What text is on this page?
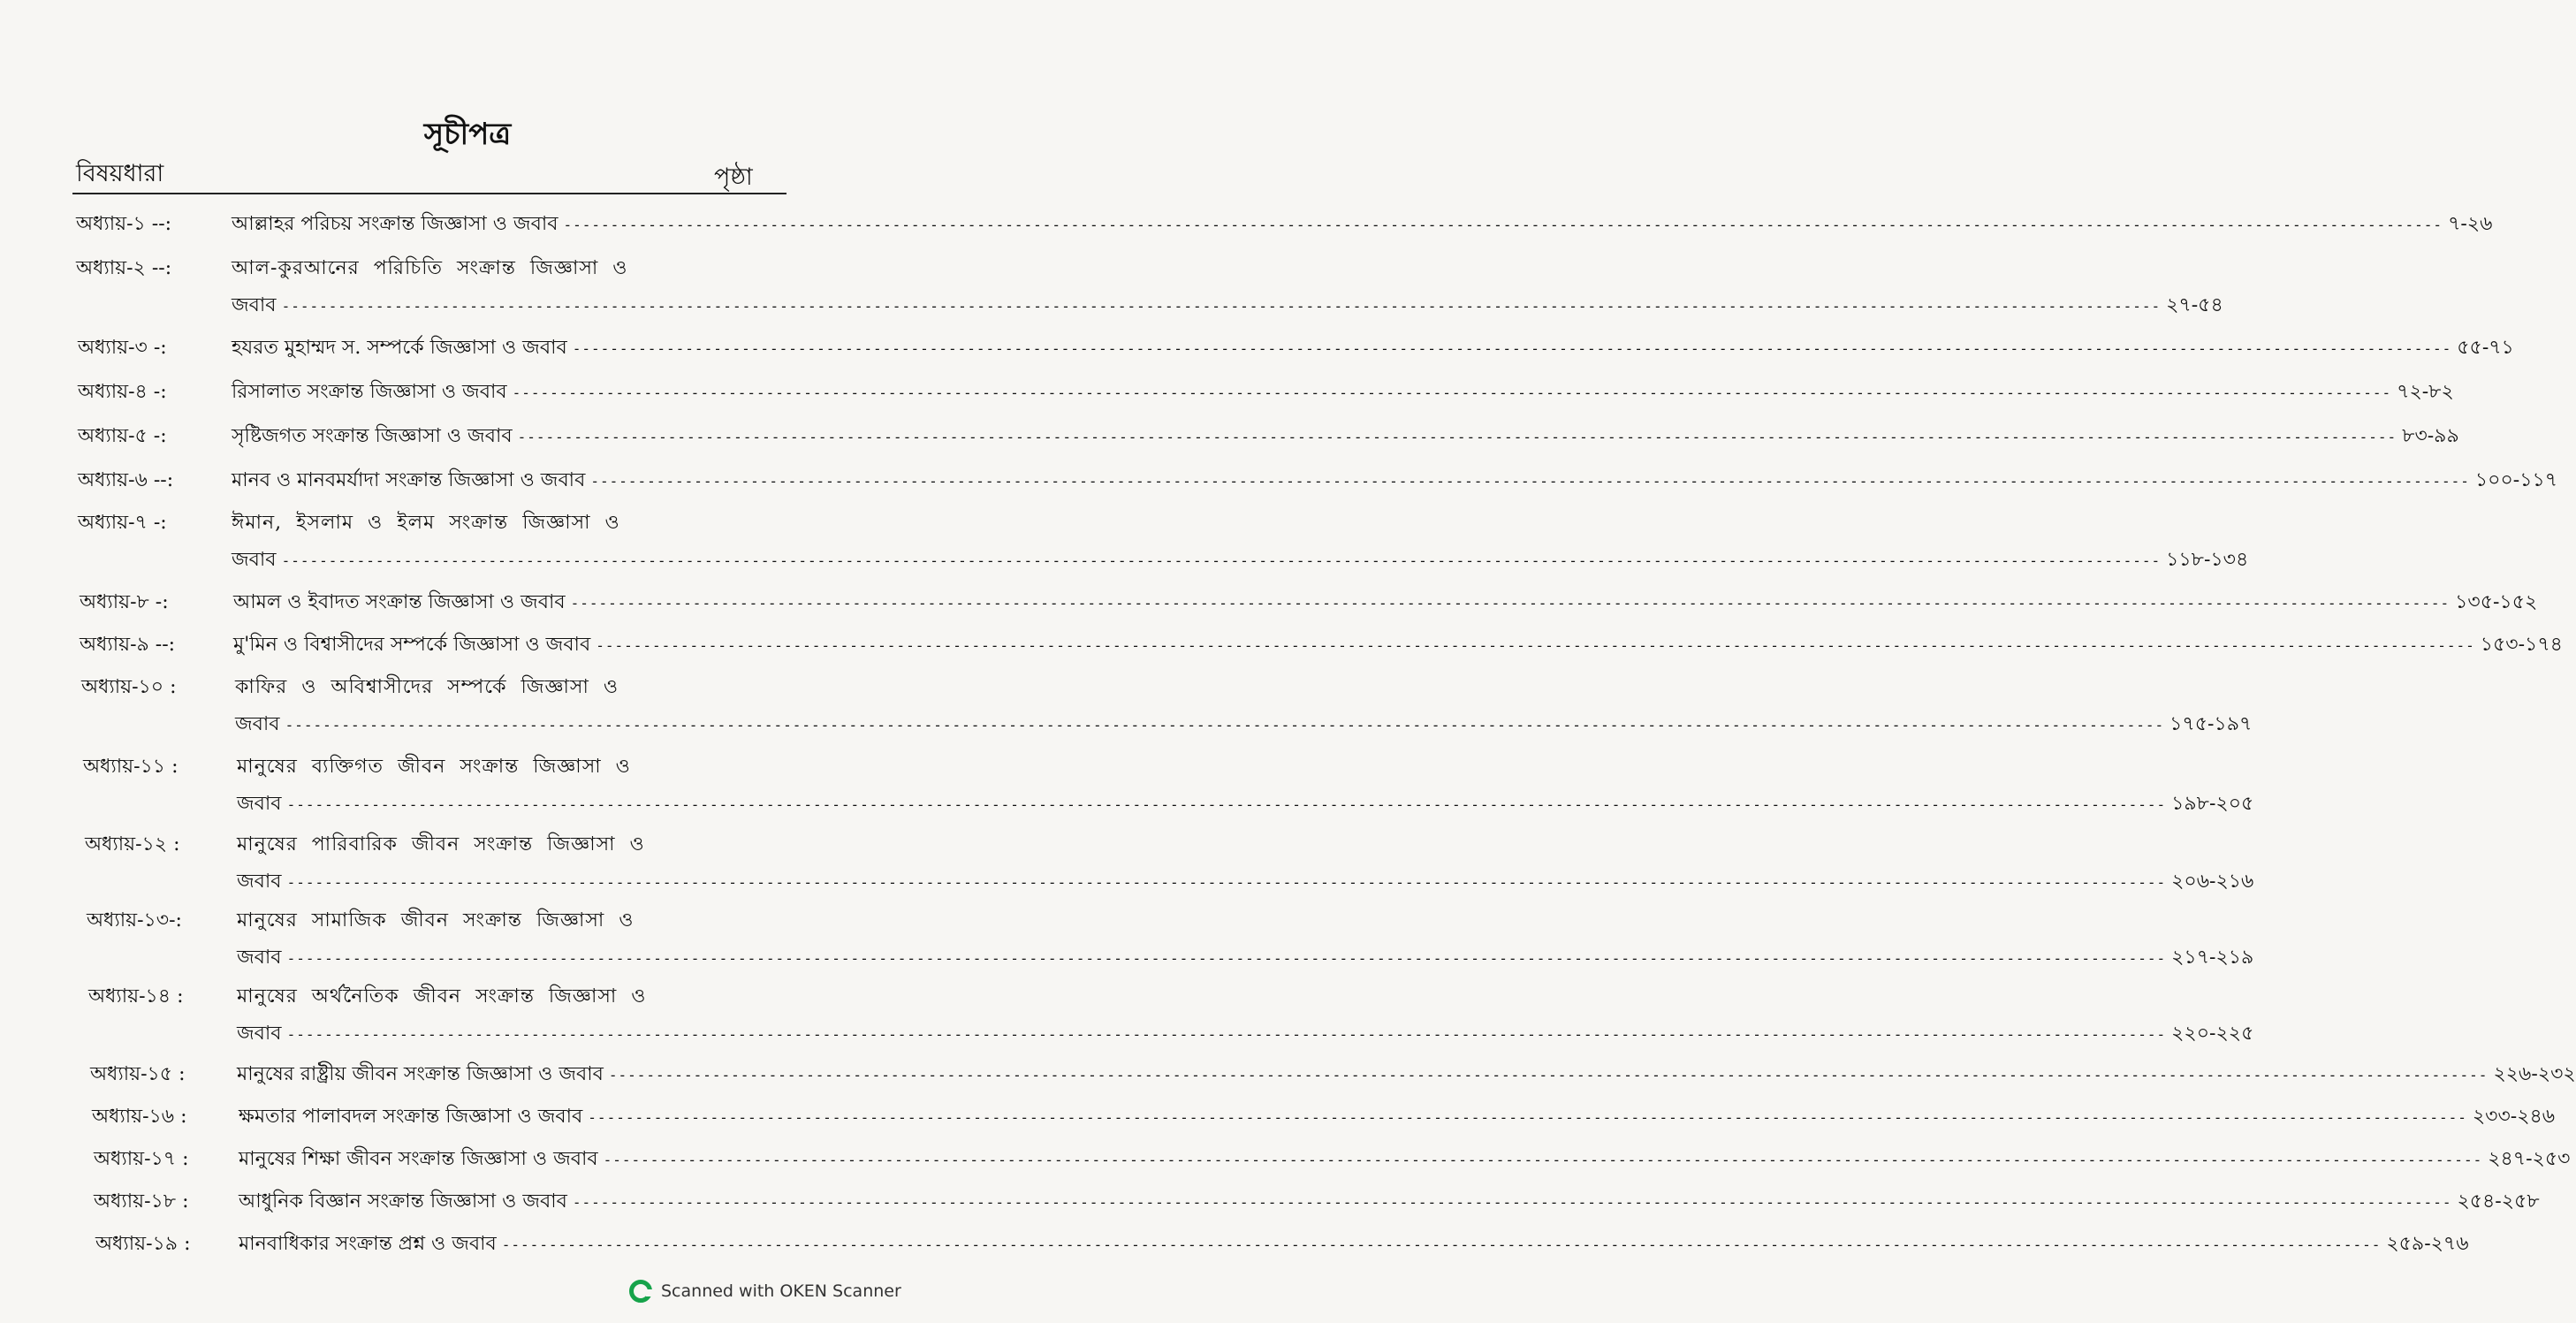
সূচীপত্র
বিষয়ধারা	পৃষ্ঠা
অধ্যায়-১ --:	আল্লাহর পরিচয় সংক্রান্ত জিজ্ঞাসা ও জবাব -------------------------------------------------------------------------------------------------------------------------------------------------------------------------------------------------------- ৭-২৬
অধ্যায়-২ --:	আল-কুরআনের পরিচিতি সংক্রান্ত জিজ্ঞাসা ও
জবাব -------------------------------------------------------------------------------------------------------------------------------------------------------------------------------------------------------- ২৭-৫৪
অধ্যায়-৩ -:	হযরত মুহাম্মদ স. সম্পর্কে জিজ্ঞাসা ও জবাব -------------------------------------------------------------------------------------------------------------------------------------------------------------------------------------------------------- ৫৫-৭১
অধ্যায়-৪ -:	রিসালাত সংক্রান্ত জিজ্ঞাসা ও জবাব -------------------------------------------------------------------------------------------------------------------------------------------------------------------------------------------------------- ৭২-৮২
অধ্যায়-৫ -:	সৃষ্টিজগত সংক্রান্ত জিজ্ঞাসা ও জবাব -------------------------------------------------------------------------------------------------------------------------------------------------------------------------------------------------------- ৮৩-৯৯
অধ্যায়-৬ --:	মানব ও মানবমর্যাদা সংক্রান্ত জিজ্ঞাসা ও জবাব -------------------------------------------------------------------------------------------------------------------------------------------------------------------------------------------------------- ১০০-১১৭
অধ্যায়-৭ -:	ঈমান, ইসলাম ও ইলম সংক্রান্ত জিজ্ঞাসা ও
জবাব -------------------------------------------------------------------------------------------------------------------------------------------------------------------------------------------------------- ১১৮-১৩৪
অধ্যায়-৮ -:	আমল ও ইবাদত সংক্রান্ত জিজ্ঞাসা ও জবাব -------------------------------------------------------------------------------------------------------------------------------------------------------------------------------------------------------- ১৩৫-১৫২
অধ্যায়-৯ --:	মু'মিন ও বিশ্বাসীদের সম্পর্কে জিজ্ঞাসা ও জবাব -------------------------------------------------------------------------------------------------------------------------------------------------------------------------------------------------------- ১৫৩-১৭৪
অধ্যায়-১০ :	কাফির ও অবিশ্বাসীদের সম্পর্কে জিজ্ঞাসা ও
জবাব -------------------------------------------------------------------------------------------------------------------------------------------------------------------------------------------------------- ১৭৫-১৯৭
অধ্যায়-১১ :	মানুষের ব্যক্তিগত জীবন সংক্রান্ত জিজ্ঞাসা ও
জবাব -------------------------------------------------------------------------------------------------------------------------------------------------------------------------------------------------------- ১৯৮-২০৫
অধ্যায়-১২ :	মানুষের পারিবারিক জীবন সংক্রান্ত জিজ্ঞাসা ও
জবাব -------------------------------------------------------------------------------------------------------------------------------------------------------------------------------------------------------- ২০৬-২১৬
অধ্যায়-১৩-:	মানুষের সামাজিক জীবন সংক্রান্ত জিজ্ঞাসা ও
জবাব -------------------------------------------------------------------------------------------------------------------------------------------------------------------------------------------------------- ২১৭-২১৯
অধ্যায়-১৪ :	মানুষের অর্থনৈতিক জীবন সংক্রান্ত জিজ্ঞাসা ও
জবাব -------------------------------------------------------------------------------------------------------------------------------------------------------------------------------------------------------- ২২০-২২৫
অধ্যায়-১৫ :	মানুষের রাষ্ট্রীয় জীবন সংক্রান্ত জিজ্ঞাসা ও জবাব -------------------------------------------------------------------------------------------------------------------------------------------------------------------------------------------------------- ২২৬-২৩২
অধ্যায়-১৬ :	ক্ষমতার পালাবদল সংক্রান্ত জিজ্ঞাসা ও জবাব -------------------------------------------------------------------------------------------------------------------------------------------------------------------------------------------------------- ২৩৩-২৪৬
অধ্যায়-১৭ :	মানুষের শিক্ষা জীবন সংক্রান্ত জিজ্ঞাসা ও জবাব -------------------------------------------------------------------------------------------------------------------------------------------------------------------------------------------------------- ২৪৭-২৫৩
অধ্যায়-১৮ :	আধুনিক বিজ্ঞান সংক্রান্ত জিজ্ঞাসা ও জবাব -------------------------------------------------------------------------------------------------------------------------------------------------------------------------------------------------------- ২৫৪-২৫৮
অধ্যায়-১৯ : মানবাধিকার সংক্রান্ত প্রশ্ন ও জবাব -------------------------------------------------------------------------------------------------------------------------------------------------------------------------------------------------------- ২৫৯-২৭৬
Scanned with OKEN Scanner
